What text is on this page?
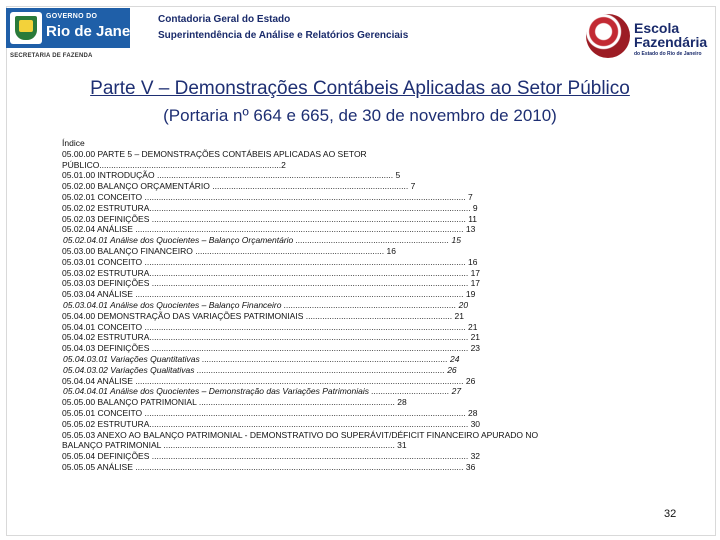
GOVERNO DO
Rio de Janeiro
SECRETARIA DE FAZENDA
Contadoria Geral do Estado
Superintendência de Análise e Relatórios Gerenciais	Escola
Fazendária
do Estado do Rio de Janeiro
Parte V – Demonstrações Contábeis Aplicadas ao Setor Público
(Portaria nº 664 e 665, de 30 de novembro de 2010)
Índice
05.00.00 PARTE 5 – DEMONSTRAÇÕES CONTÁBEIS APLICADAS AO SETOR
PÚBLICO.............................................................................2
05.01.00 INTRODUÇÃO .................................................................................................... 5
05.02.00 BALANÇO ORÇAMENTÁRIO ................................................................................... 7
05.02.01 CONCEITO ........................................................................................................................................ 7
05.02.02 ESTRUTURA........................................................................................................................................ 9
05.02.03 DEFINIÇÕES ..................................................................................................................................... 11
05.02.04 ANÁLISE ........................................................................................................................................... 13
05.02.04.01 Análise dos Quocientes – Balanço Orçamentário ................................................................. 15
05.03.00 BALANÇO FINANCEIRO ................................................................................ 16
05.03.01 CONCEITO ........................................................................................................................................ 16
05.03.02 ESTRUTURA....................................................................................................................................... 17
05.03.03 DEFINIÇÕES ...................................................................................................................................... 17
05.03.04 ANÁLISE ........................................................................................................................................... 19
05.03.04.01 Análise dos Quocientes – Balanço Financeiro ......................................................................... 20
05.04.00 DEMONSTRAÇÃO DAS VARIAÇÕES PATRIMONIAIS .............................................................. 21
05.04.01 CONCEITO ........................................................................................................................................ 21
05.04.02 ESTRUTURA....................................................................................................................................... 21
05.04.03 DEFINIÇÕES ...................................................................................................................................... 23
05.04.03.01 Variações Quantitativas ........................................................................................................ 24
05.04.03.02 Variações Qualitativas ......................................................................................................... 26
05.04.04 ANÁLISE ........................................................................................................................................... 26
05.04.04.01 Análise dos Quocientes – Demonstração das Variações Patrimoniais ................................. 27
05.05.00 BALANÇO PATRIMONIAL ................................................................................... 28
05.05.01 CONCEITO ........................................................................................................................................ 28
05.05.02 ESTRUTURA....................................................................................................................................... 30
05.05.03 ANEXO AO BALANÇO PATRIMONIAL - DEMONSTRATIVO DO SUPERÁVIT/DÉFICIT FINANCEIRO APURADO NO
BALANÇO PATRIMONIAL .................................................................................................. 31
05.05.04 DEFINIÇÕES ...................................................................................................................................... 32
05.05.05 ANÁLISE ........................................................................................................................................... 36
32
